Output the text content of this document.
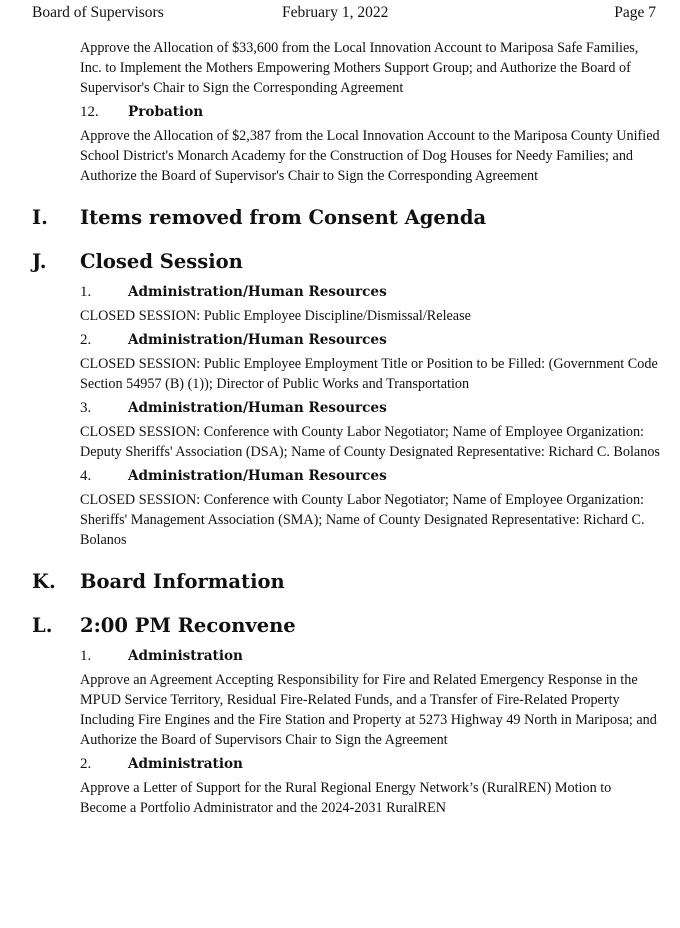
Board of Supervisors	February 1, 2022	Page 7

Approve the Allocation of $33,600 from the Local Innovation Account to Mariposa Safe Families, Inc. to Implement the Mothers Empowering Mothers Support Group; and Authorize the Board of Supervisor's Chair to Sign the Corresponding Agreement

12.	Probation

Approve the Allocation of $2,387 from the Local Innovation Account to the Mariposa County Unified School District's Monarch Academy for the Construction of Dog Houses for Needy Families; and Authorize the Board of Supervisor's Chair to Sign the Corresponding Agreement

I.	Items removed from Consent Agenda
J.	Closed Session
1.	Administration/Human Resources

CLOSED SESSION: Public Employee Discipline/Dismissal/Release

2.	Administration/Human Resources

CLOSED SESSION: Public Employee Employment Title or Position to be Filled: (Government Code Section 54957 (B) (1)); Director of Public Works and Transportation

3.	Administration/Human Resources

CLOSED SESSION: Conference with County Labor Negotiator; Name of Employee Organization: Deputy Sheriffs' Association (DSA); Name of County Designated Representative: Richard C. Bolanos

4.	Administration/Human Resources

CLOSED SESSION: Conference with County Labor Negotiator; Name of Employee Organization: Sheriffs' Management Association (SMA); Name of County Designated Representative: Richard C. Bolanos

K.	Board Information
L.	2:00 PM Reconvene
1.	Administration

Approve an Agreement Accepting Responsibility for Fire and Related Emergency Response in the MPUD Service Territory, Residual Fire-Related Funds, and a Transfer of Fire-Related Property Including Fire Engines and the Fire Station and Property at 5273 Highway 49 North in Mariposa; and Authorize the Board of Supervisors Chair to Sign the Agreement

2.	Administration

Approve a Letter of Support for the Rural Regional Energy Network’s (RuralREN) Motion to Become a Portfolio Administrator and the 2024-2031 RuralREN
